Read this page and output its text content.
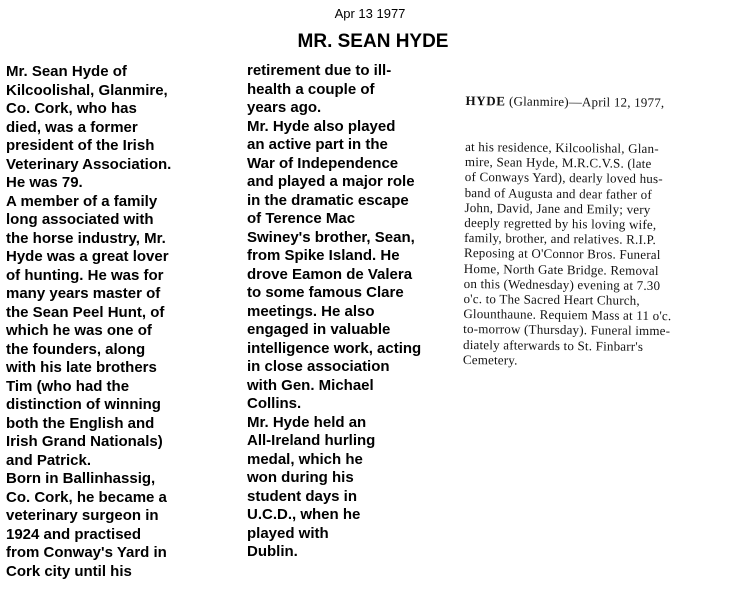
Apr 13 1977
MR. SEAN HYDE
Mr. Sean Hyde of
Kilcoolishal, Glanmire,
Co. Cork, who has
died, was a former
president of the Irish
Veterinary Association.
He was 79.
A member of a family
long associated with
the horse industry, Mr.
Hyde was a great lover
of hunting. He was for
many years master of
the Sean Peel Hunt, of
which he was one of
the founders, along
with his late brothers
Tim (who had the
distinction of winning
both the English and
Irish Grand Nationals)
and Patrick.
Born in Ballinhassig,
Co. Cork, he became a
veterinary surgeon in
1924 and practised
from Conway's Yard in
Cork city until his
retirement due to ill-
health a couple of
years ago.
Mr. Hyde also played
an active part in the
War of Independence
and played a major role
in the dramatic escape
of Terence Mac
Swiney's brother, Sean,
from Spike Island. He
drove Eamon de Valera
to some famous Clare
meetings. He also
engaged in valuable
intelligence work, acting
in close association
with Gen. Michael
Collins.
Mr. Hyde held an
All-Ireland hurling
medal, which he
won during his
student days in
U.C.D., when he
played with
Dublin.

HYDE (Glanmire)—April 12, 1977,

at his residence, Kilcoolishal, Glan-
mire, Sean Hyde, M.R.C.V.S. (late
of Conways Yard), dearly loved hus-
band of Augusta and dear father of
John, David, Jane and Emily; very
deeply regretted by his loving wife,
family, brother, and relatives. R.I.P.
Reposing at O'Connor Bros. Funeral
Home, North Gate Bridge. Removal
on this (Wednesday) evening at 7.30
o'c. to The Sacred Heart Church,
Glounthaune. Requiem Mass at 11 o'c.
to-morrow (Thursday). Funeral imme-
diately afterwards to St. Finbarr's
Cemetery.
